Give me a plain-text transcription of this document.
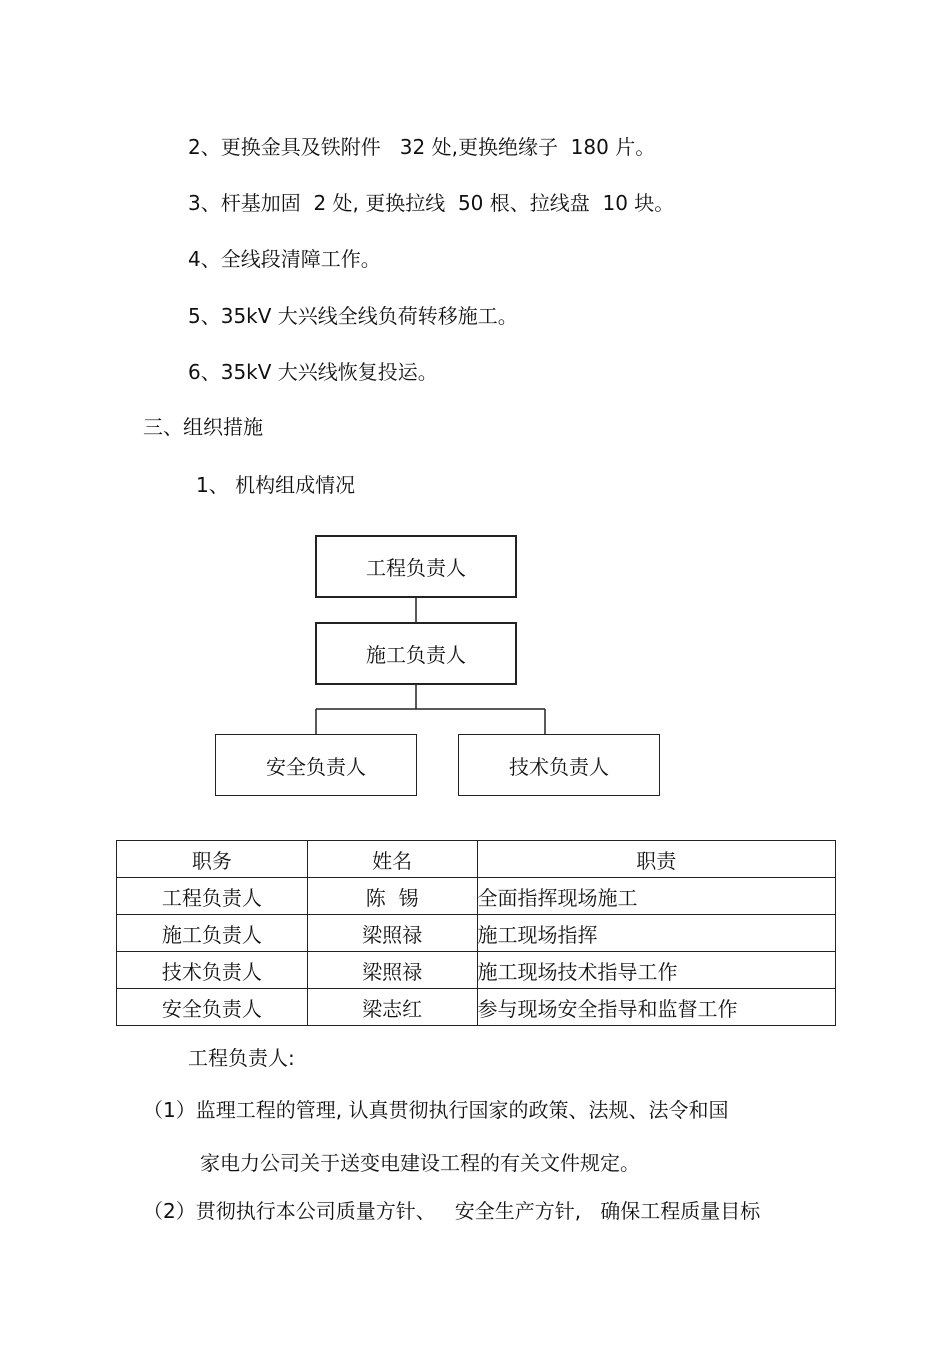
2、更换金具及铁附件   32 处,更换绝缘子  180 片。
3、杆基加固  2 处, 更换拉线  50 根、拉线盘  10 块。
4、全线段清障工作。
5、35kV 大兴线全线负荷转移施工。
6、35kV 大兴线恢复投运。
三、组织措施
1、 机构组成情况
工程负责人
施工负责人
安全负责人	技术负责人
职务	姓名	职责
工程负责人	陈  锡	全面指挥现场施工
施工负责人	梁照禄	施工现场指挥
技术负责人	梁照禄	施工现场技术指导工作
安全负责人	梁志红	参与现场安全指导和监督工作
工程负责人:
（1）监理工程的管理, 认真贯彻执行国家的政策、法规、法令和国
家电力公司关于送变电建设工程的有关文件规定。
（2）贯彻执行本公司质量方针、   安全生产方针,   确保工程质量目标
